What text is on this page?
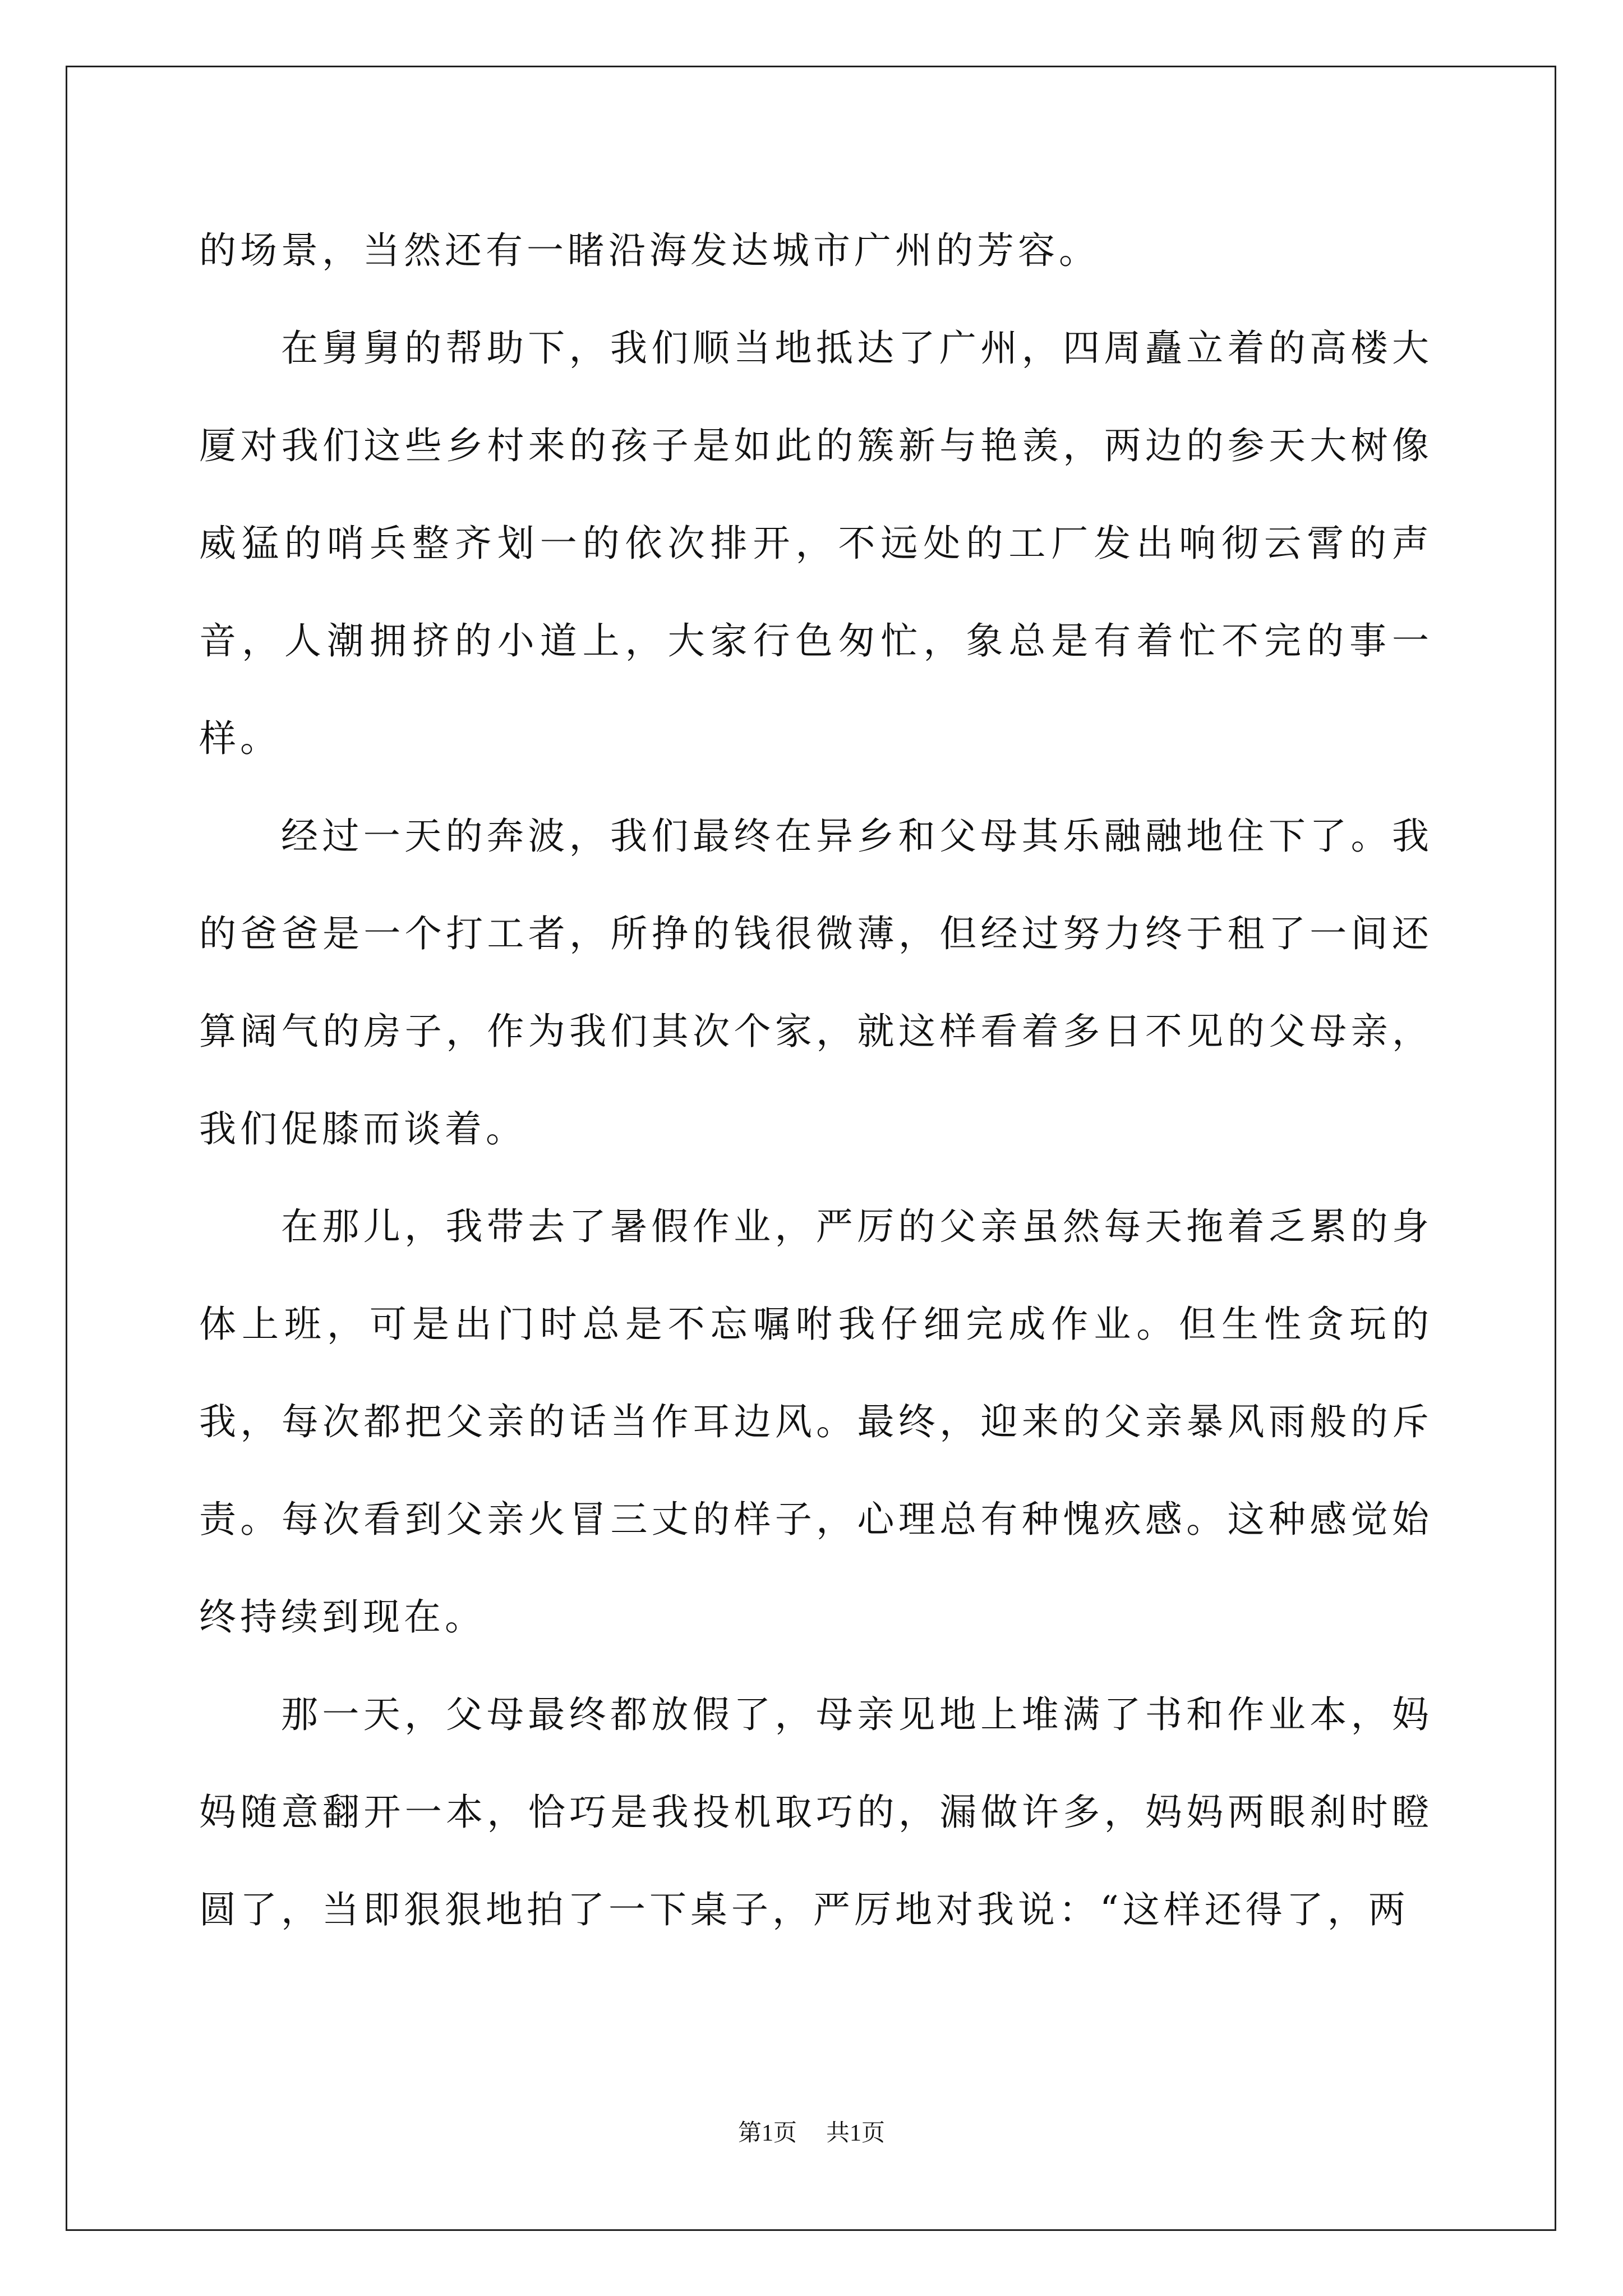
的场景，当然还有一睹沿海发达城市广州的芳容。

在舅舅的帮助下，我们顺当地抵达了广州，四周矗立着的高楼大厦对我们这些乡村来的孩子是如此的簇新与艳羡，两边的参天大树像威猛的哨兵整齐划一的依次排开，不远处的工厂发出响彻云霄的声音，人潮拥挤的小道上，大家行色匆忙，象总是有着忙不完的事一样。

经过一天的奔波，我们最终在异乡和父母其乐融融地住下了。我的爸爸是一个打工者，所挣的钱很微薄，但经过努力终于租了一间还算阔气的房子，作为我们其次个家，就这样看着多日不见的父母亲，我们促膝而谈着。

在那儿，我带去了暑假作业，严厉的父亲虽然每天拖着乏累的身体上班，可是出门时总是不忘嘱咐我仔细完成作业。但生性贪玩的我，每次都把父亲的话当作耳边风。最终，迎来的父亲暴风雨般的斥责。每次看到父亲火冒三丈的样子，心理总有种愧疚感。这种感觉始终持续到现在。

那一天，父母最终都放假了，母亲见地上堆满了书和作业本，妈妈随意翻开一本，恰巧是我投机取巧的，漏做许多，妈妈两眼刹时瞪圆了，当即狠狠地拍了一下桌子，严厉地对我说：“这样还得了，两

第1页 共1页
